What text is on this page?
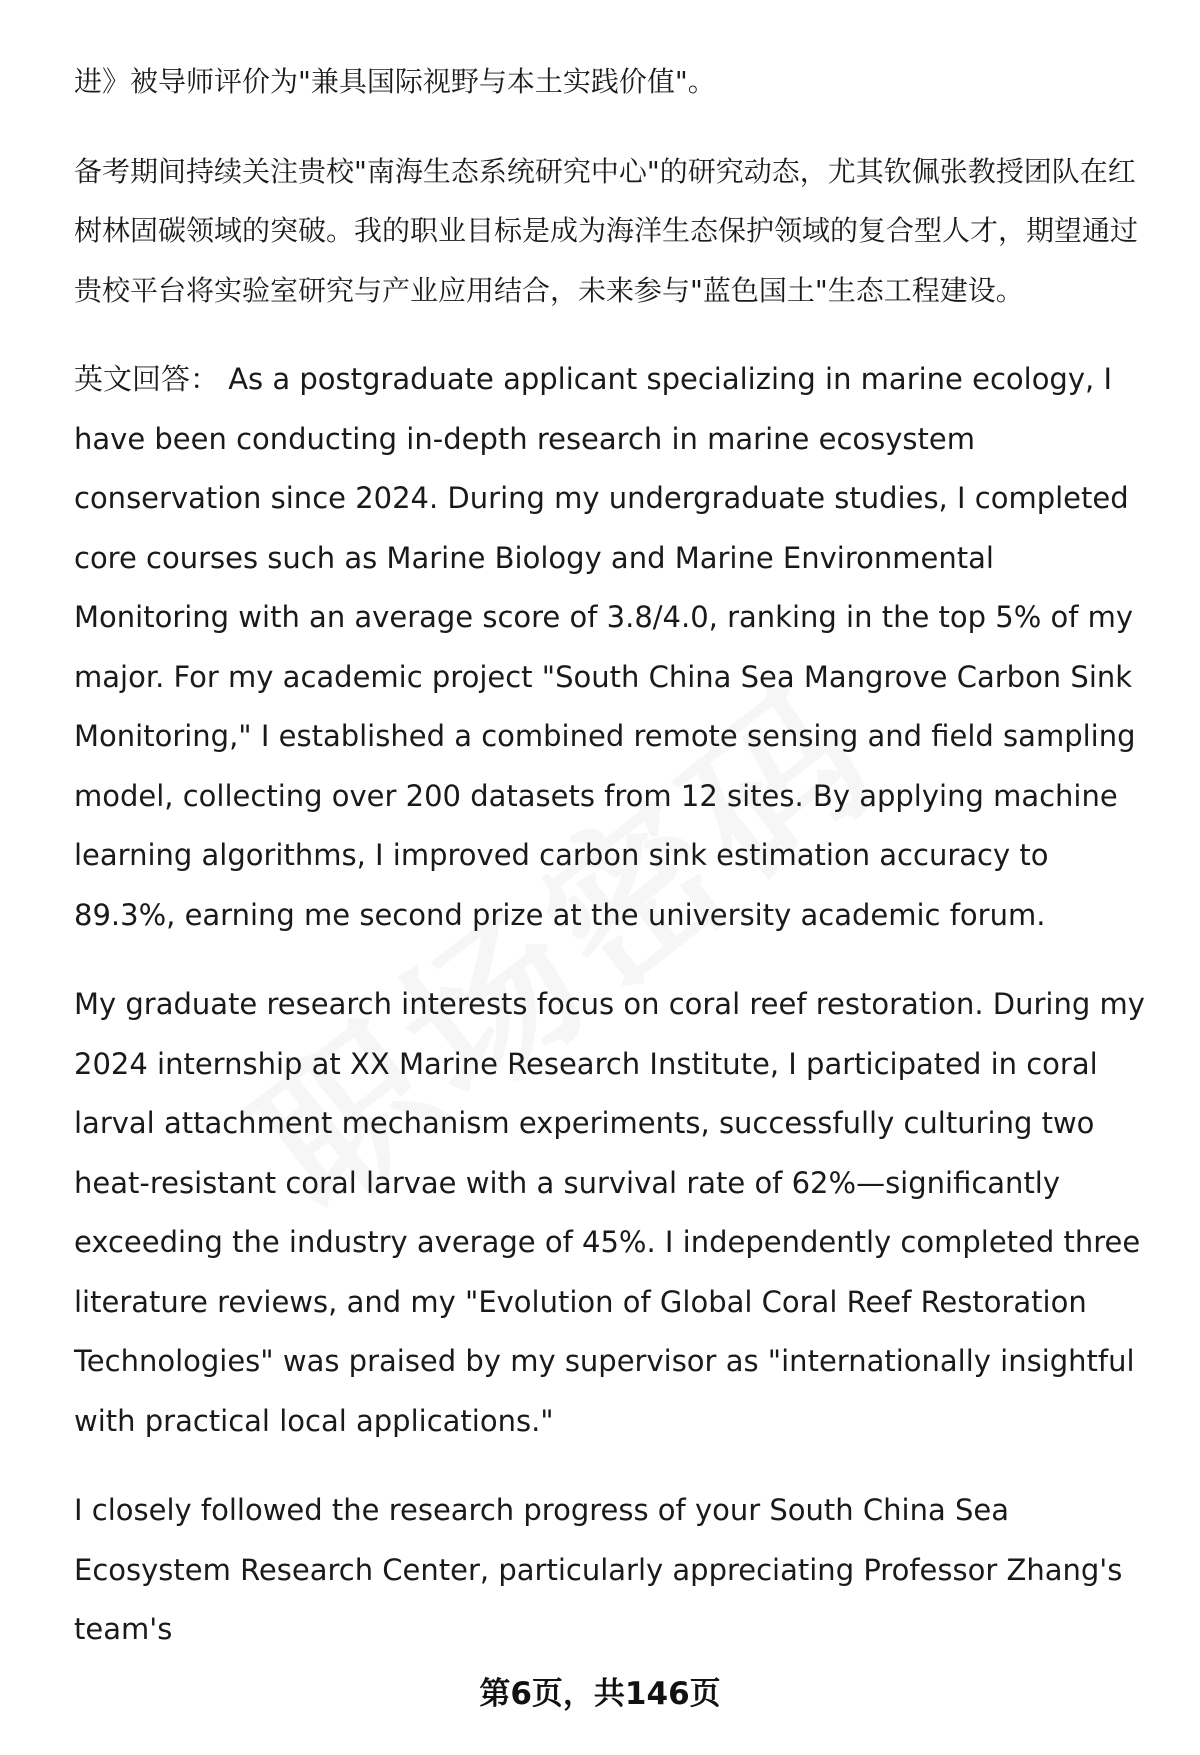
进》被导师评价为"兼具国际视野与本土实践价值"。

备考期间持续关注贵校"南海生态系统研究中心"的研究动态，尤其钦佩张教授团队在红树林固碳领域的突破。我的职业目标是成为海洋生态保护领域的复合型人才，期望通过贵校平台将实验室研究与产业应用结合，未来参与"蓝色国土"生态工程建设。

英文回答： As a postgraduate applicant specializing in marine ecology, I have been conducting in-depth research in marine ecosystem conservation since 2024. During my undergraduate studies, I completed core courses such as Marine Biology and Marine Environmental Monitoring with an average score of 3.8/4.0, ranking in the top 5% of my major. For my academic project "South China Sea Mangrove Carbon Sink Monitoring," I established a combined remote sensing and field sampling model, collecting over 200 datasets from 12 sites. By applying machine learning algorithms, I improved carbon sink estimation accuracy to 89.3%, earning me second prize at the university academic forum.

My graduate research interests focus on coral reef restoration. During my 2024 internship at XX Marine Research Institute, I participated in coral larval attachment mechanism experiments, successfully culturing two heat-resistant coral larvae with a survival rate of 62%—significantly exceeding the industry average of 45%. I independently completed three literature reviews, and my "Evolution of Global Coral Reef Restoration Technologies" was praised by my supervisor as "internationally insightful with practical local applications."

I closely followed the research progress of your South China Sea Ecosystem Research Center, particularly appreciating Professor Zhang's team's

第6页，共146页
